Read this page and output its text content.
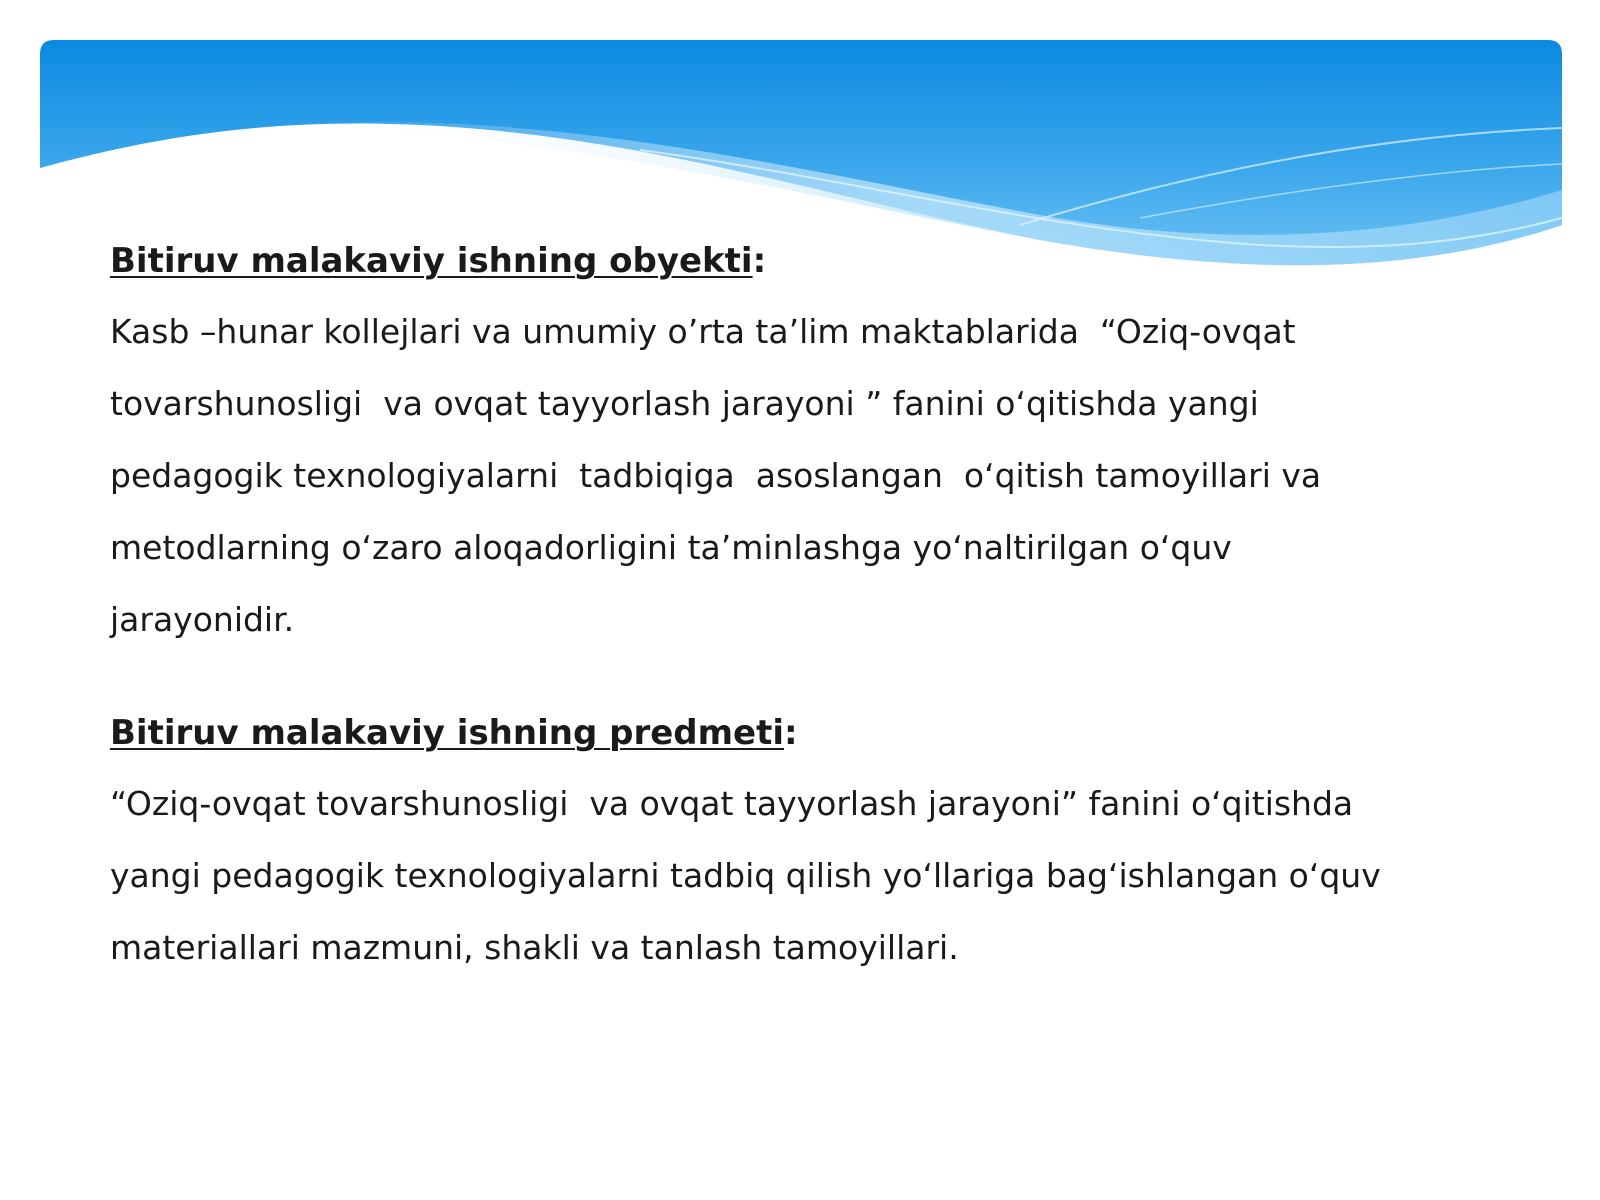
Bitiruv malakaviy ishning obyekti:

Kasb –hunar kollejlari va umumiy o’rta ta’lim maktablarida  “Oziq-ovqat
tovarshunosligi  va ovqat tayyorlash jarayoni ” fanini o‘qitishda yangi
pedagogik texnologiyalarni  tadbiqiga  asoslangan  o‘qitish tamoyillari va
metodlarning o‘zaro aloqadorligini ta’minlashga yo‘naltirilgan o‘quv
jarayonidir.

Bitiruv malakaviy ishning predmeti:

“Oziq-ovqat tovarshunosligi  va ovqat tayyorlash jarayoni” fanini o‘qitishda
yangi pedagogik texnologiyalarni tadbiq qilish yo‘llariga bag‘ishlangan o‘quv
materiallari mazmuni, shakli va tanlash tamoyillari.
